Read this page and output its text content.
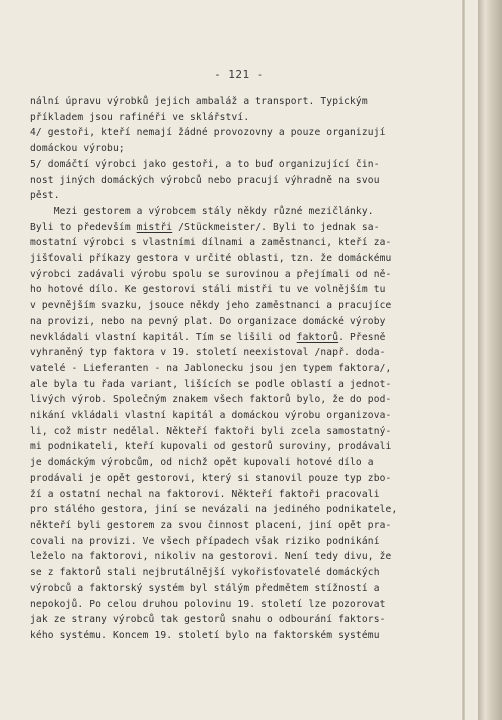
- 121 -
nální úpravu výrobků jejich ambaláž a transport. Typickým
příkladem jsou rafinéři ve sklářství.
4/ gestoři, kteří nemají žádné provozovny a pouze organizují
domáckou výrobu;
5/ domáčtí výrobci jako gestoři, a to buď organizující čin-
nost jiných domáckých výrobců nebo pracují výhradně na svou
pěst.
Mezi gestorem a výrobcem stály někdy různé mezičlánky.
Byli to především mistři /Stückmeister/. Byli to jednak sa-
mostatní výrobci s vlastními dílnami a zaměstnanci, kteří za-
jišťovali příkazy gestora v určité oblasti, tzn. že domáckému
výrobci zadávali výrobu spolu se surovinou a přejímali od ně-
ho hotové dílo. Ke gestorovi stáli mistři tu ve volnějším tu
v pevnějším svazku, jsouce někdy jeho zaměstnanci a pracujíce
na provizi, nebo na pevný plat. Do organizace domácké výroby
nevkládali vlastní kapitál. Tím se lišili od faktorů. Přesně
vyhraněný typ faktora v 19. století neexistoval /např. doda-
vatelé - Lieferanten - na Jablonecku jsou jen typem faktora/,
ale byla tu řada variant, lišících se podle oblastí a jednot-
livých výrob. Společným znakem všech faktorů bylo, že do pod-
nikání vkládali vlastní kapitál a domáckou výrobu organizova-
li, což mistr nedělal. Někteří faktoři byli zcela samostatný-
mi podnikateli, kteří kupovali od gestorů suroviny, prodávali
je domáckým výrobcům, od nichž opět kupovali hotové dílo a
prodávali je opět gestorovi, který si stanovil pouze typ zbo-
ží a ostatní nechal na faktorovi. Někteří faktoři pracovali
pro stálého gestora, jiní se nevázali na jediného podnikatele,
někteří byli gestorem za svou činnost placeni, jiní opět pra-
covali na provizi. Ve všech případech však riziko podnikání
leželo na faktorovi, nikoliv na gestorovi. Není tedy divu, že
se z faktorů stali nejbrutálnější vykořisťovatelé domáckých
výrobců a faktorský systém byl stálým předmětem stížností a
nepokojů. Po celou druhou polovinu 19. století lze pozorovat
jak ze strany výrobců tak gestorů snahu o odbourání faktors-
kého systému. Koncem 19. století bylo na faktorském systému
